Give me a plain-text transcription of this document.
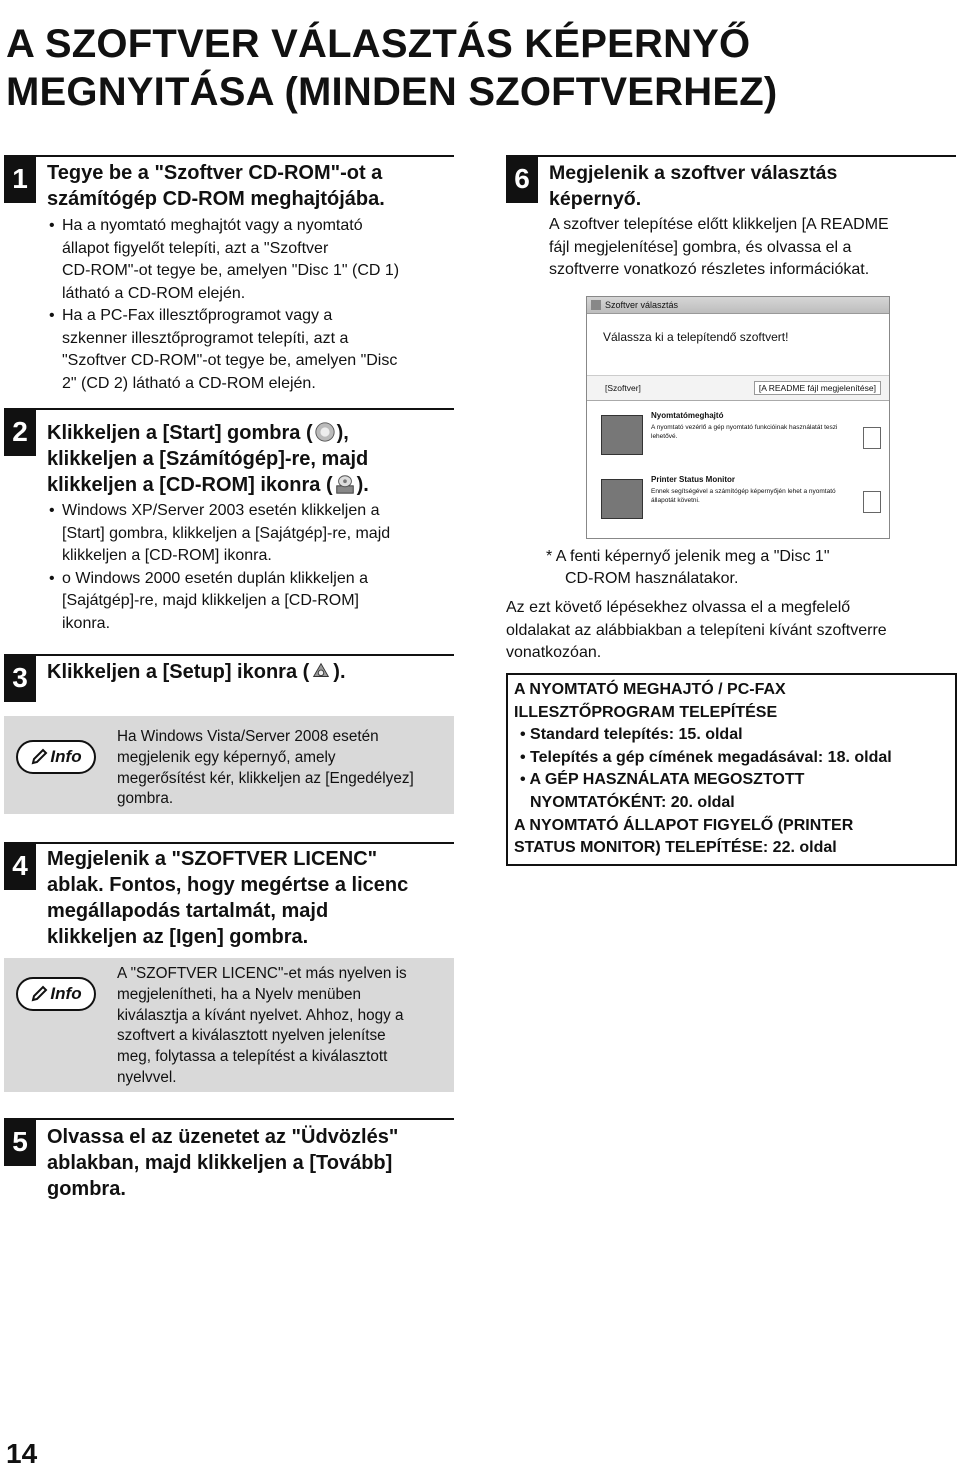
A SZOFTVER VÁLASZTÁS KÉPERNYŐ
MEGNYITÁSA (MINDEN SZOFTVERHEZ)
1 Tegye be a "Szoftver CD-ROM"-ot a
számítógép CD-ROM meghajtójába.
• Ha a nyomtató meghajtót vagy a nyomtató
állapot figyelőt telepíti, azt a "Szoftver
CD-ROM"-ot tegye be, amelyen "Disc 1" (CD 1)
látható a CD-ROM elején.
• Ha a PC-Fax illesztőprogramot vagy a
szkenner illesztőprogramot telepíti, azt a
"Szoftver CD-ROM"-ot tegye be, amelyen "Disc
2" (CD 2) látható a CD-ROM elején.
2 Klikkeljen a [Start] gombra ( ),
klikkeljen a [Számítógép]-re, majd
klikkeljen a [CD-ROM] ikonra ( ).
• Windows XP/Server 2003 esetén klikkeljen a
[Start] gombra, klikkeljen a [Sajátgép]-re, majd
klikkeljen a [CD-ROM] ikonra.
• o Windows 2000 esetén duplán klikkeljen a
[Sajátgép]-re, majd klikkeljen a [CD-ROM]
ikonra.
3 Klikkeljen a [Setup] ikonra ( ).
Info
Ha Windows Vista/Server 2008 esetén
megjelenik egy képernyő, amely
megerősítést kér, klikkeljen az [Engedélyez]
gombra.
4 Megjelenik a "SZOFTVER LICENC"
ablak. Fontos, hogy megértse a licenc
megállapodás tartalmát, majd
klikkeljen az [Igen] gombra.
Info
A "SZOFTVER LICENC"-et más nyelven is
megjelenítheti, ha a Nyelv menüben
kiválasztja a kívánt nyelvet. Ahhoz, hogy a
szoftvert a kiválasztott nyelven jelenítse
meg, folytassa a telepítést a kiválasztott
nyelvvel.
5 Olvassa el az üzenetet az "Üdvözlés"
ablakban, majd klikkeljen a [Tovább]
gombra.
6 Megjelenik a szoftver választás
képernyő.
A szoftver telepítése előtt klikkeljen [A README
fájl megjelenítése] gombra, és olvassa el a
szoftverre vonatkozó részletes információkat.
Szoftver választás
Válassza ki a telepítendő szoftvert!
[Szoftver]	[A README fájl megjelenítése]
Nyomtatómeghajtó
A nyomtató vezérlő a gép nyomtató funkcióinak használatát teszi lehetővé.
Printer Status Monitor
Ennek segítségével a számítógép képernyőjén lehet a nyomtató állapotát követni.
* A fenti képernyő jelenik meg a "Disc 1"
CD-ROM használatakor.
Az ezt követő lépésekhez olvassa el a megfelelő
oldalakat az alábbiakban a telepíteni kívánt szoftverre
vonatkozóan.
A NYOMTATÓ MEGHAJTÓ / PC-FAX
ILLESZTŐPROGRAM TELEPÍTÉSE
• Standard telepítés: 15. oldal
• Telepítés a gép címének megadásával: 18. oldal
• A GÉP HASZNÁLATA MEGOSZTOTT
NYOMTATÓKÉNT: 20. oldal
A NYOMTATÓ ÁLLAPOT FIGYELŐ (PRINTER
STATUS MONITOR) TELEPÍTÉSE: 22. oldal
14
